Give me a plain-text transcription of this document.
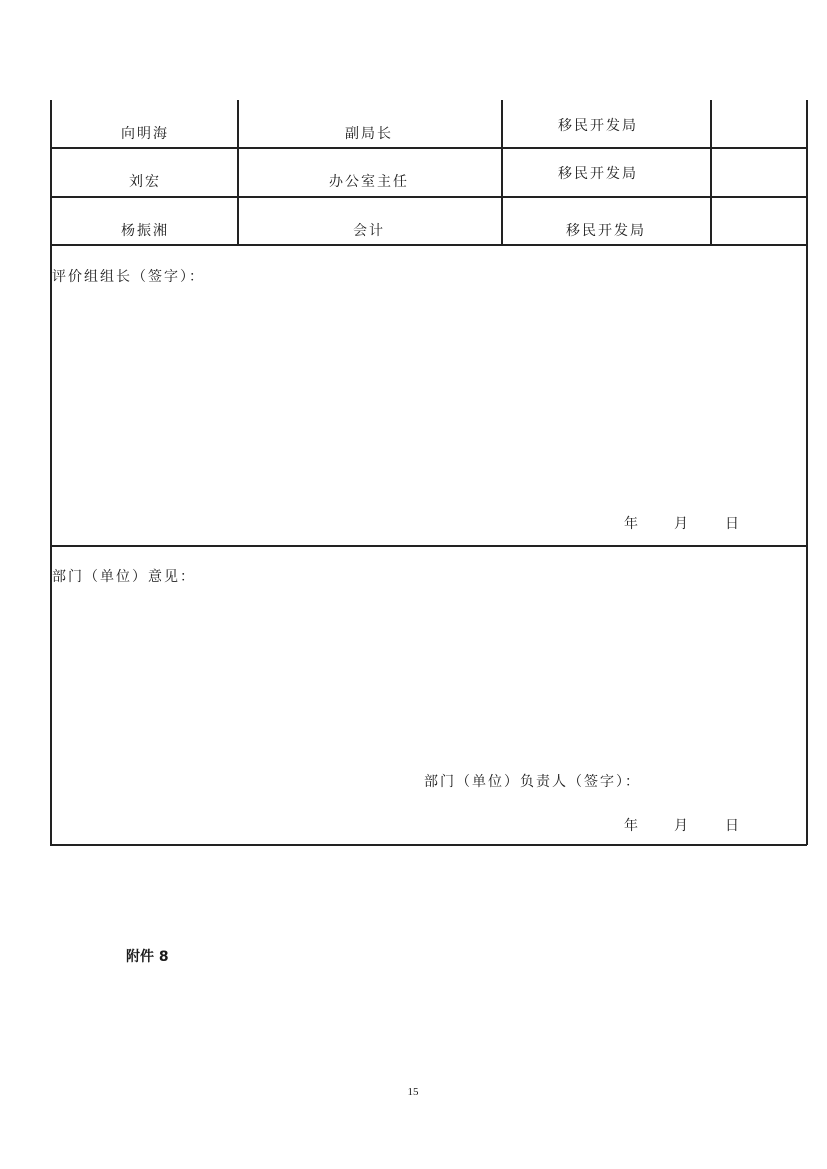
向明海	副局长	移民开发局
刘宏	办公室主任	移民开发局
杨振湘	会计	移民开发局
评价组组长（签字）：
年	月	日
部门（单位）意见：
部门（单位）负责人（签字）：
年	月	日
附件 8
15
